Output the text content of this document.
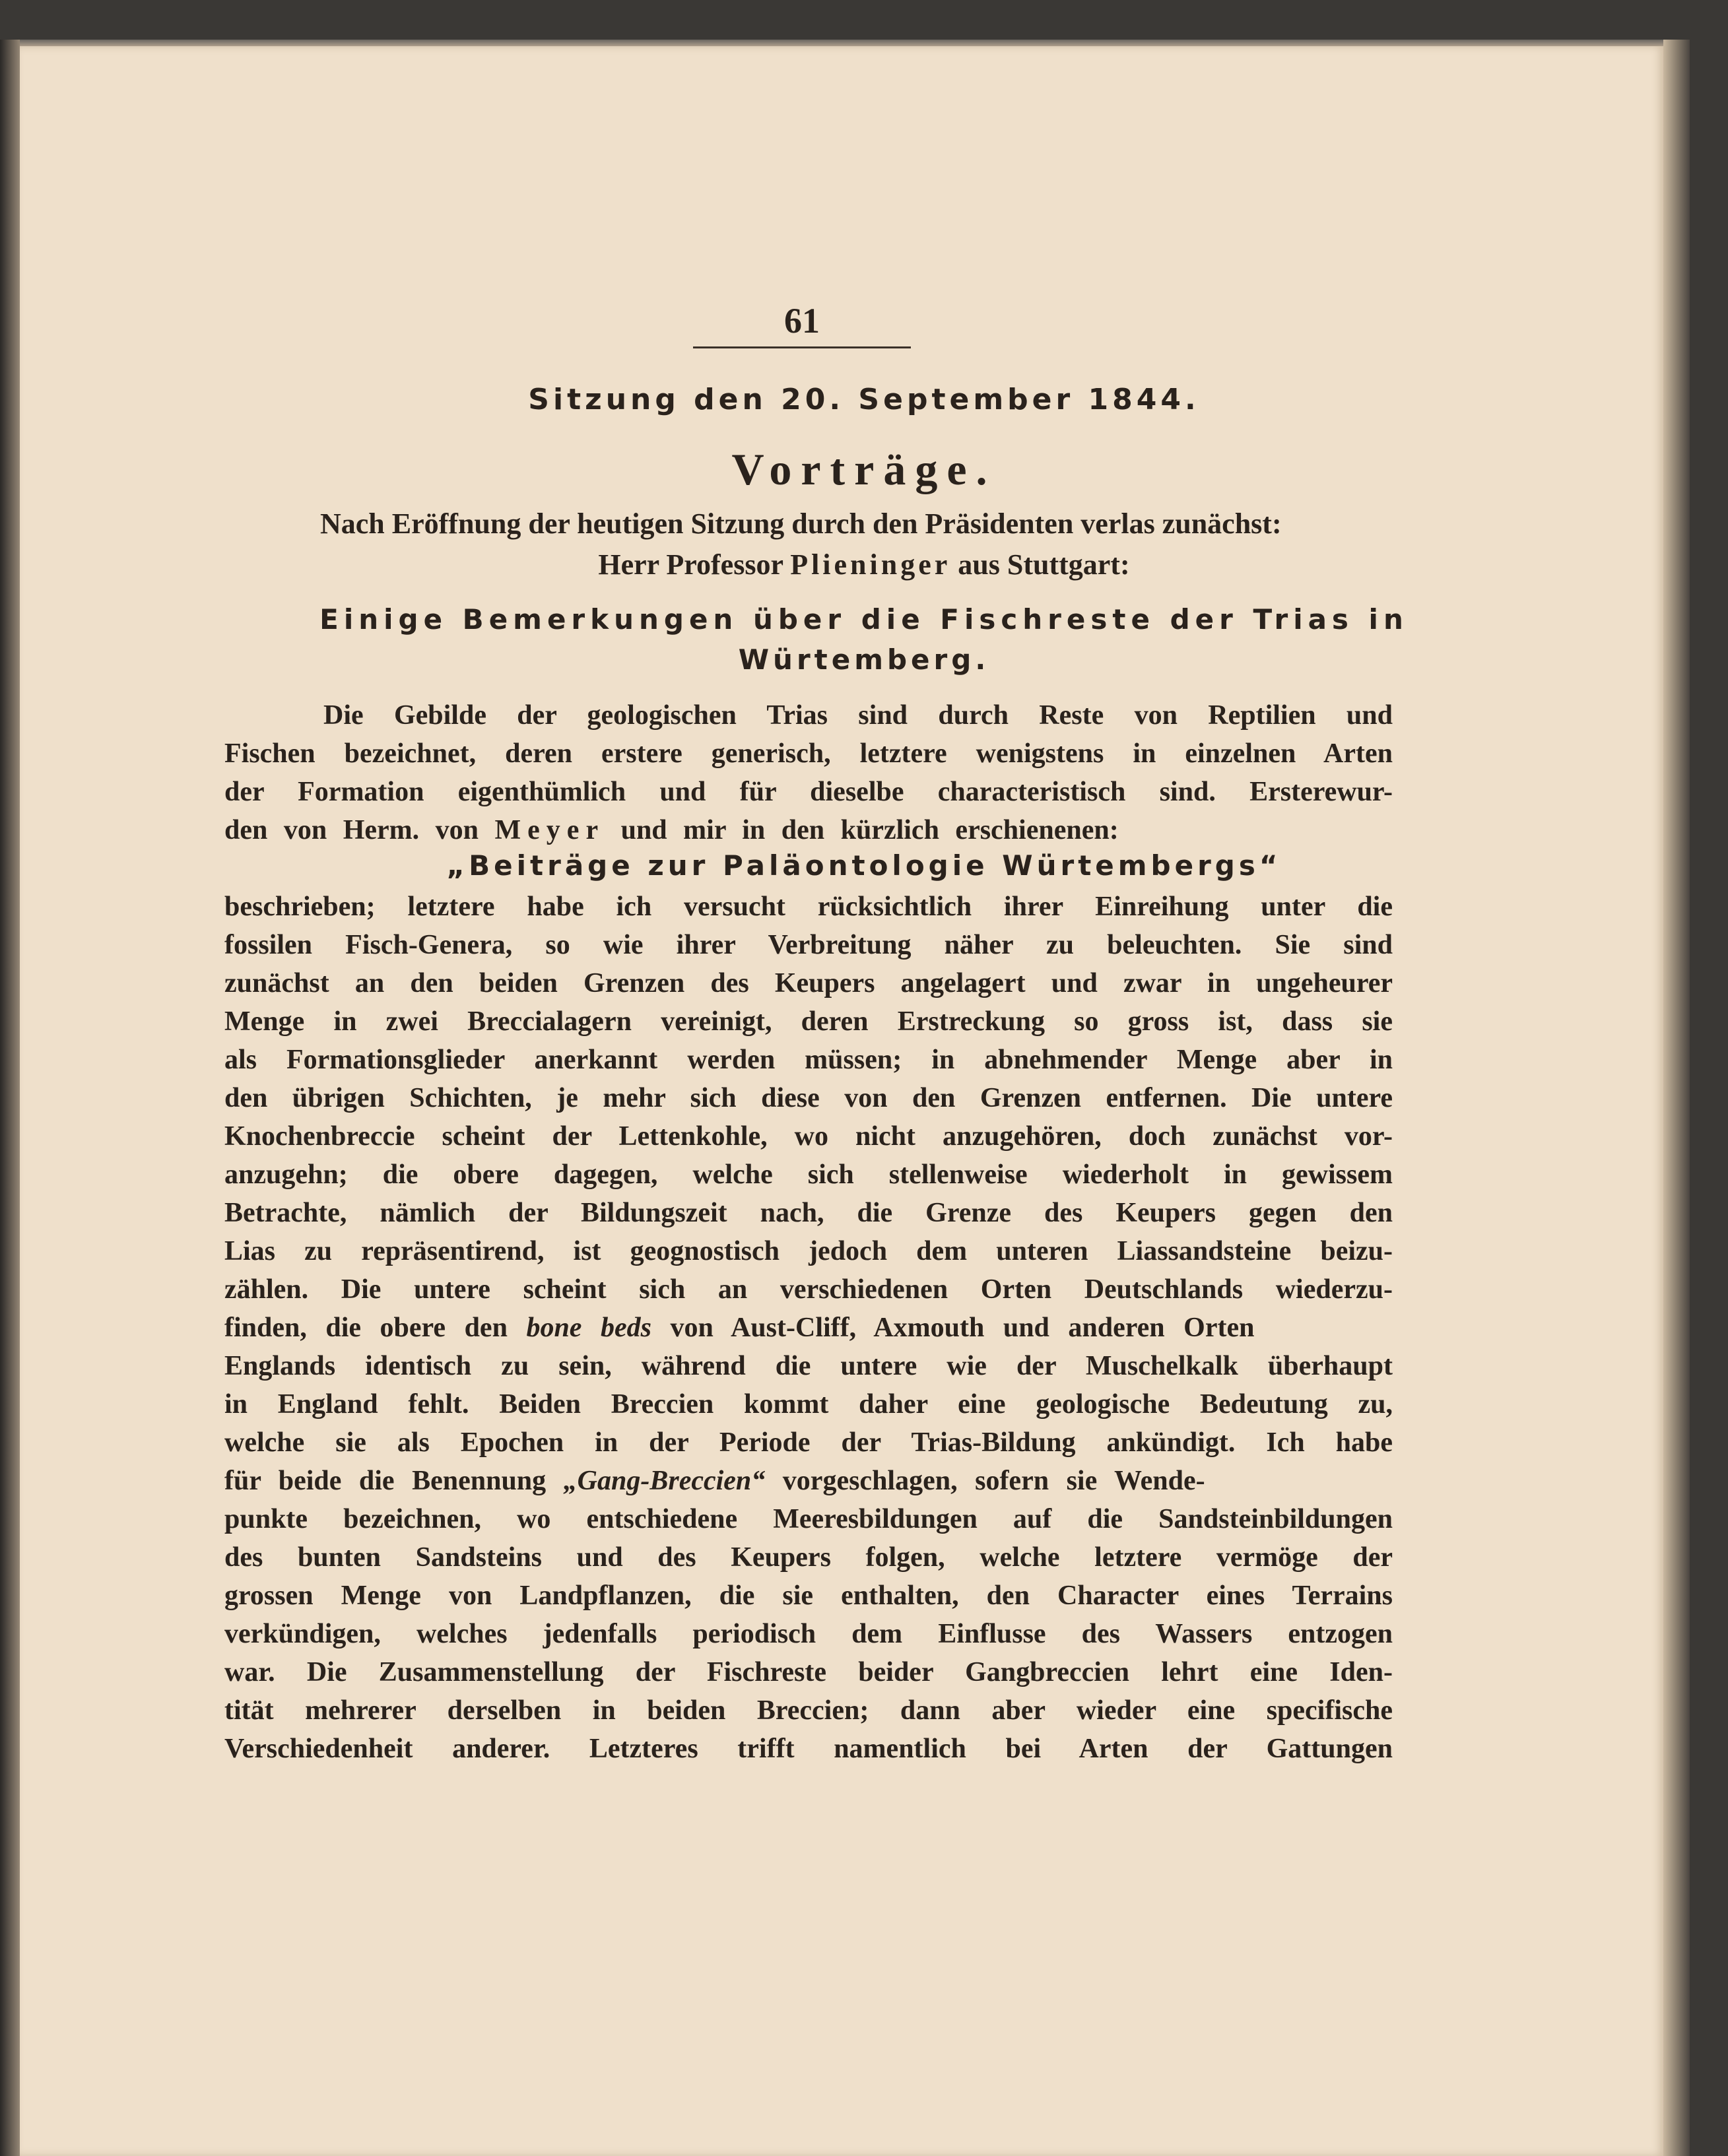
61
Sitzung den 20. September 1844.
Vorträge.
Nach Eröffnung der heutigen Sitzung durch den Präsidenten verlas zunächst:
Herr Professor Plieninger aus Stuttgart:
Einige Bemerkungen über die Fischreste der Trias in
Würtemberg.
Die Gebilde der geologischen Trias sind durch Reste von Reptilien und
Fischen bezeichnet, deren erstere generisch, letztere wenigstens in einzelnen Arten
der Formation eigenthümlich und für dieselbe characteristisch sind. Ersterewur-
den von Herm. von Meyer und mir in den kürzlich erschienenen:
„Beiträge zur Paläontologie Würtembergs“
beschrieben; letztere habe ich versucht rücksichtlich ihrer Einreihung unter die
fossilen Fisch-Genera, so wie ihrer Verbreitung näher zu beleuchten. Sie sind
zunächst an den beiden Grenzen des Keupers angelagert und zwar in ungeheurer
Menge in zwei Breccialagern vereinigt, deren Erstreckung so gross ist, dass sie
als Formationsglieder anerkannt werden müssen; in abnehmender Menge aber in
den übrigen Schichten, je mehr sich diese von den Grenzen entfernen. Die untere
Knochenbreccie scheint der Lettenkohle, wo nicht anzugehören, doch zunächst vor-
anzugehn; die obere dagegen, welche sich stellenweise wiederholt in gewissem
Betrachte, nämlich der Bildungszeit nach, die Grenze des Keupers gegen den
Lias zu repräsentirend, ist geognostisch jedoch dem unteren Liassandsteine beizu-
zählen. Die untere scheint sich an verschiedenen Orten Deutschlands wiederzu-
finden, die obere den bone beds von Aust-Cliff, Axmouth und anderen Orten
Englands identisch zu sein, während die untere wie der Muschelkalk überhaupt
in England fehlt. Beiden Breccien kommt daher eine geologische Bedeutung zu,
welche sie als Epochen in der Periode der Trias-Bildung ankündigt. Ich habe
für beide die Benennung „Gang-Breccien“ vorgeschlagen, sofern sie Wende-
punkte bezeichnen, wo entschiedene Meeresbildungen auf die Sandsteinbildungen
des bunten Sandsteins und des Keupers folgen, welche letztere vermöge der
grossen Menge von Landpflanzen, die sie enthalten, den Character eines Terrains
verkündigen, welches jedenfalls periodisch dem Einflusse des Wassers entzogen
war. Die Zusammenstellung der Fischreste beider Gangbreccien lehrt eine Iden-
tität mehrerer derselben in beiden Breccien; dann aber wieder eine specifische
Verschiedenheit anderer. Letzteres trifft namentlich bei Arten der Gattungen
